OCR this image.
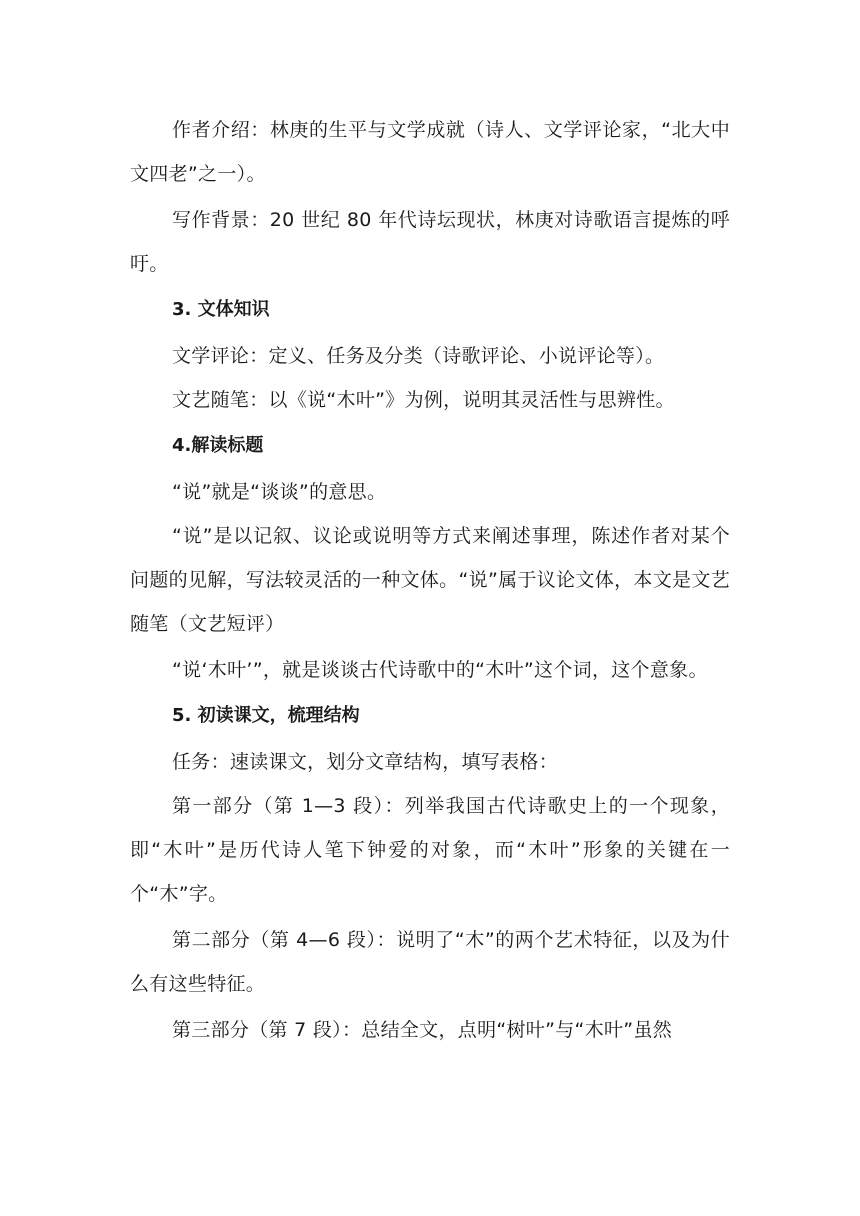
作者介绍：林庚的生平与文学成就（诗人、文学评论家，“北大中文四老”之一）。

写作背景：20 世纪 80 年代诗坛现状，林庚对诗歌语言提炼的呼吁。

3. 文体知识

文学评论：定义、任务及分类（诗歌评论、小说评论等）。

文艺随笔：以《说“木叶”》为例，说明其灵活性与思辨性。

4.解读标题

“说”就是“谈谈”的意思。

“说”是以记叙、议论或说明等方式来阐述事理，陈述作者对某个问题的见解，写法较灵活的一种文体。“说”属于议论文体，本文是文艺随笔（文艺短评）

“说‘木叶’”，就是谈谈古代诗歌中的“木叶”这个词，这个意象。

5. 初读课文，梳理结构

任务：速读课文，划分文章结构，填写表格：

第一部分（第 1—3 段）：列举我国古代诗歌史上的一个现象，即“木叶”是历代诗人笔下钟爱的对象，而“木叶”形象的关键在一个“木”字。

第二部分（第 4—6 段）：说明了“木”的两个艺术特征，以及为什么有这些特征。

第三部分（第 7 段）：总结全文，点明“树叶”与“木叶”虽然
